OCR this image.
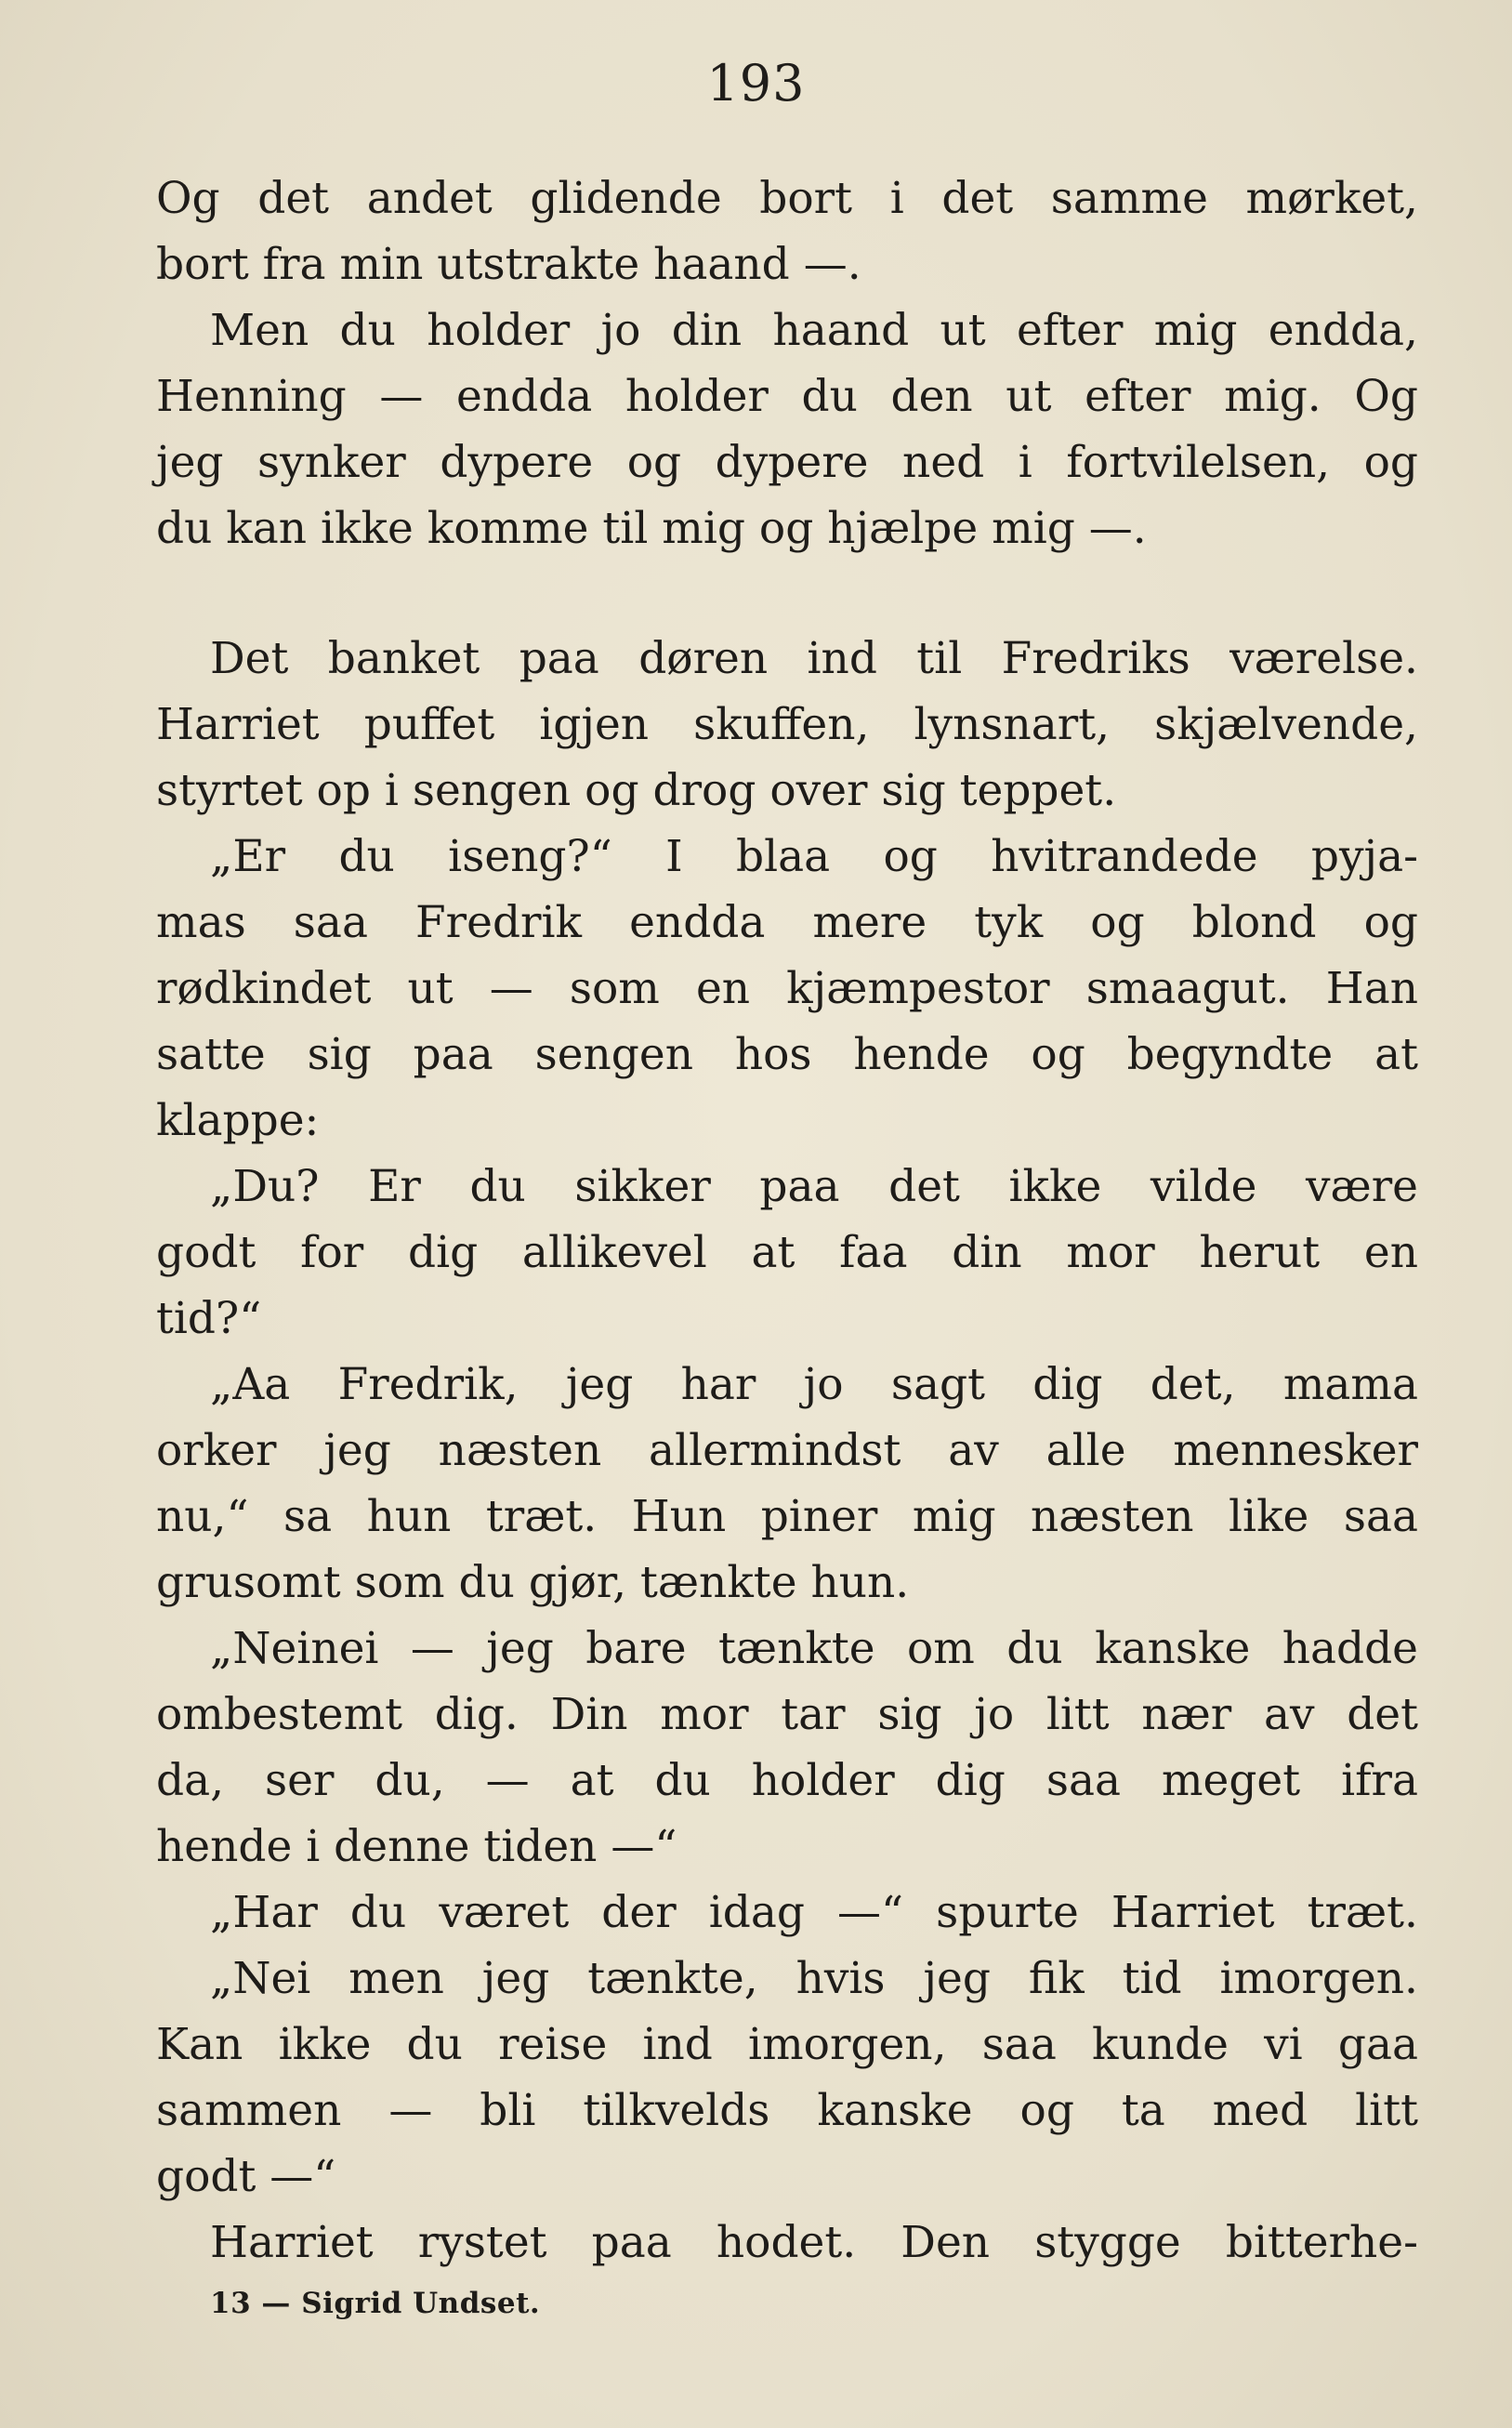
193
Og det andet glidende bort i det samme mørket,
bort fra min utstrakte haand —.
Men du holder jo din haand ut efter mig endda,
Henning — endda holder du den ut efter mig. Og
jeg synker dypere og dypere ned i fortvilelsen, og
du kan ikke komme til mig og hjælpe mig —.
Det banket paa døren ind til Fredriks værelse.
Harriet puffet igjen skuffen, lynsnart, skjælvende,
styrtet op i sengen og drog over sig teppet.
„Er du iseng?“ I blaa og hvitrandede pyja-
mas saa Fredrik endda mere tyk og blond og
rødkindet ut — som en kjæmpestor smaagut. Han
satte sig paa sengen hos hende og begyndte at
klappe:
„Du? Er du sikker paa det ikke vilde være
godt for dig allikevel at faa din mor herut en
tid?“
„Aa Fredrik, jeg har jo sagt dig det, mama
orker jeg næsten allermindst av alle mennesker
nu,“ sa hun træt. Hun piner mig næsten like saa
grusomt som du gjør, tænkte hun.
„Neinei — jeg bare tænkte om du kanske hadde
ombestemt dig. Din mor tar sig jo litt nær av det
da, ser du, — at du holder dig saa meget ifra
hende i denne tiden —“
„Har du været der idag —“ spurte Harriet træt.
„Nei men jeg tænkte, hvis jeg fik tid imorgen.
Kan ikke du reise ind imorgen, saa kunde vi gaa
sammen — bli tilkvelds kanske og ta med litt
godt —“
Harriet rystet paa hodet. Den stygge bitterhe-
13 — Sigrid Undset.
